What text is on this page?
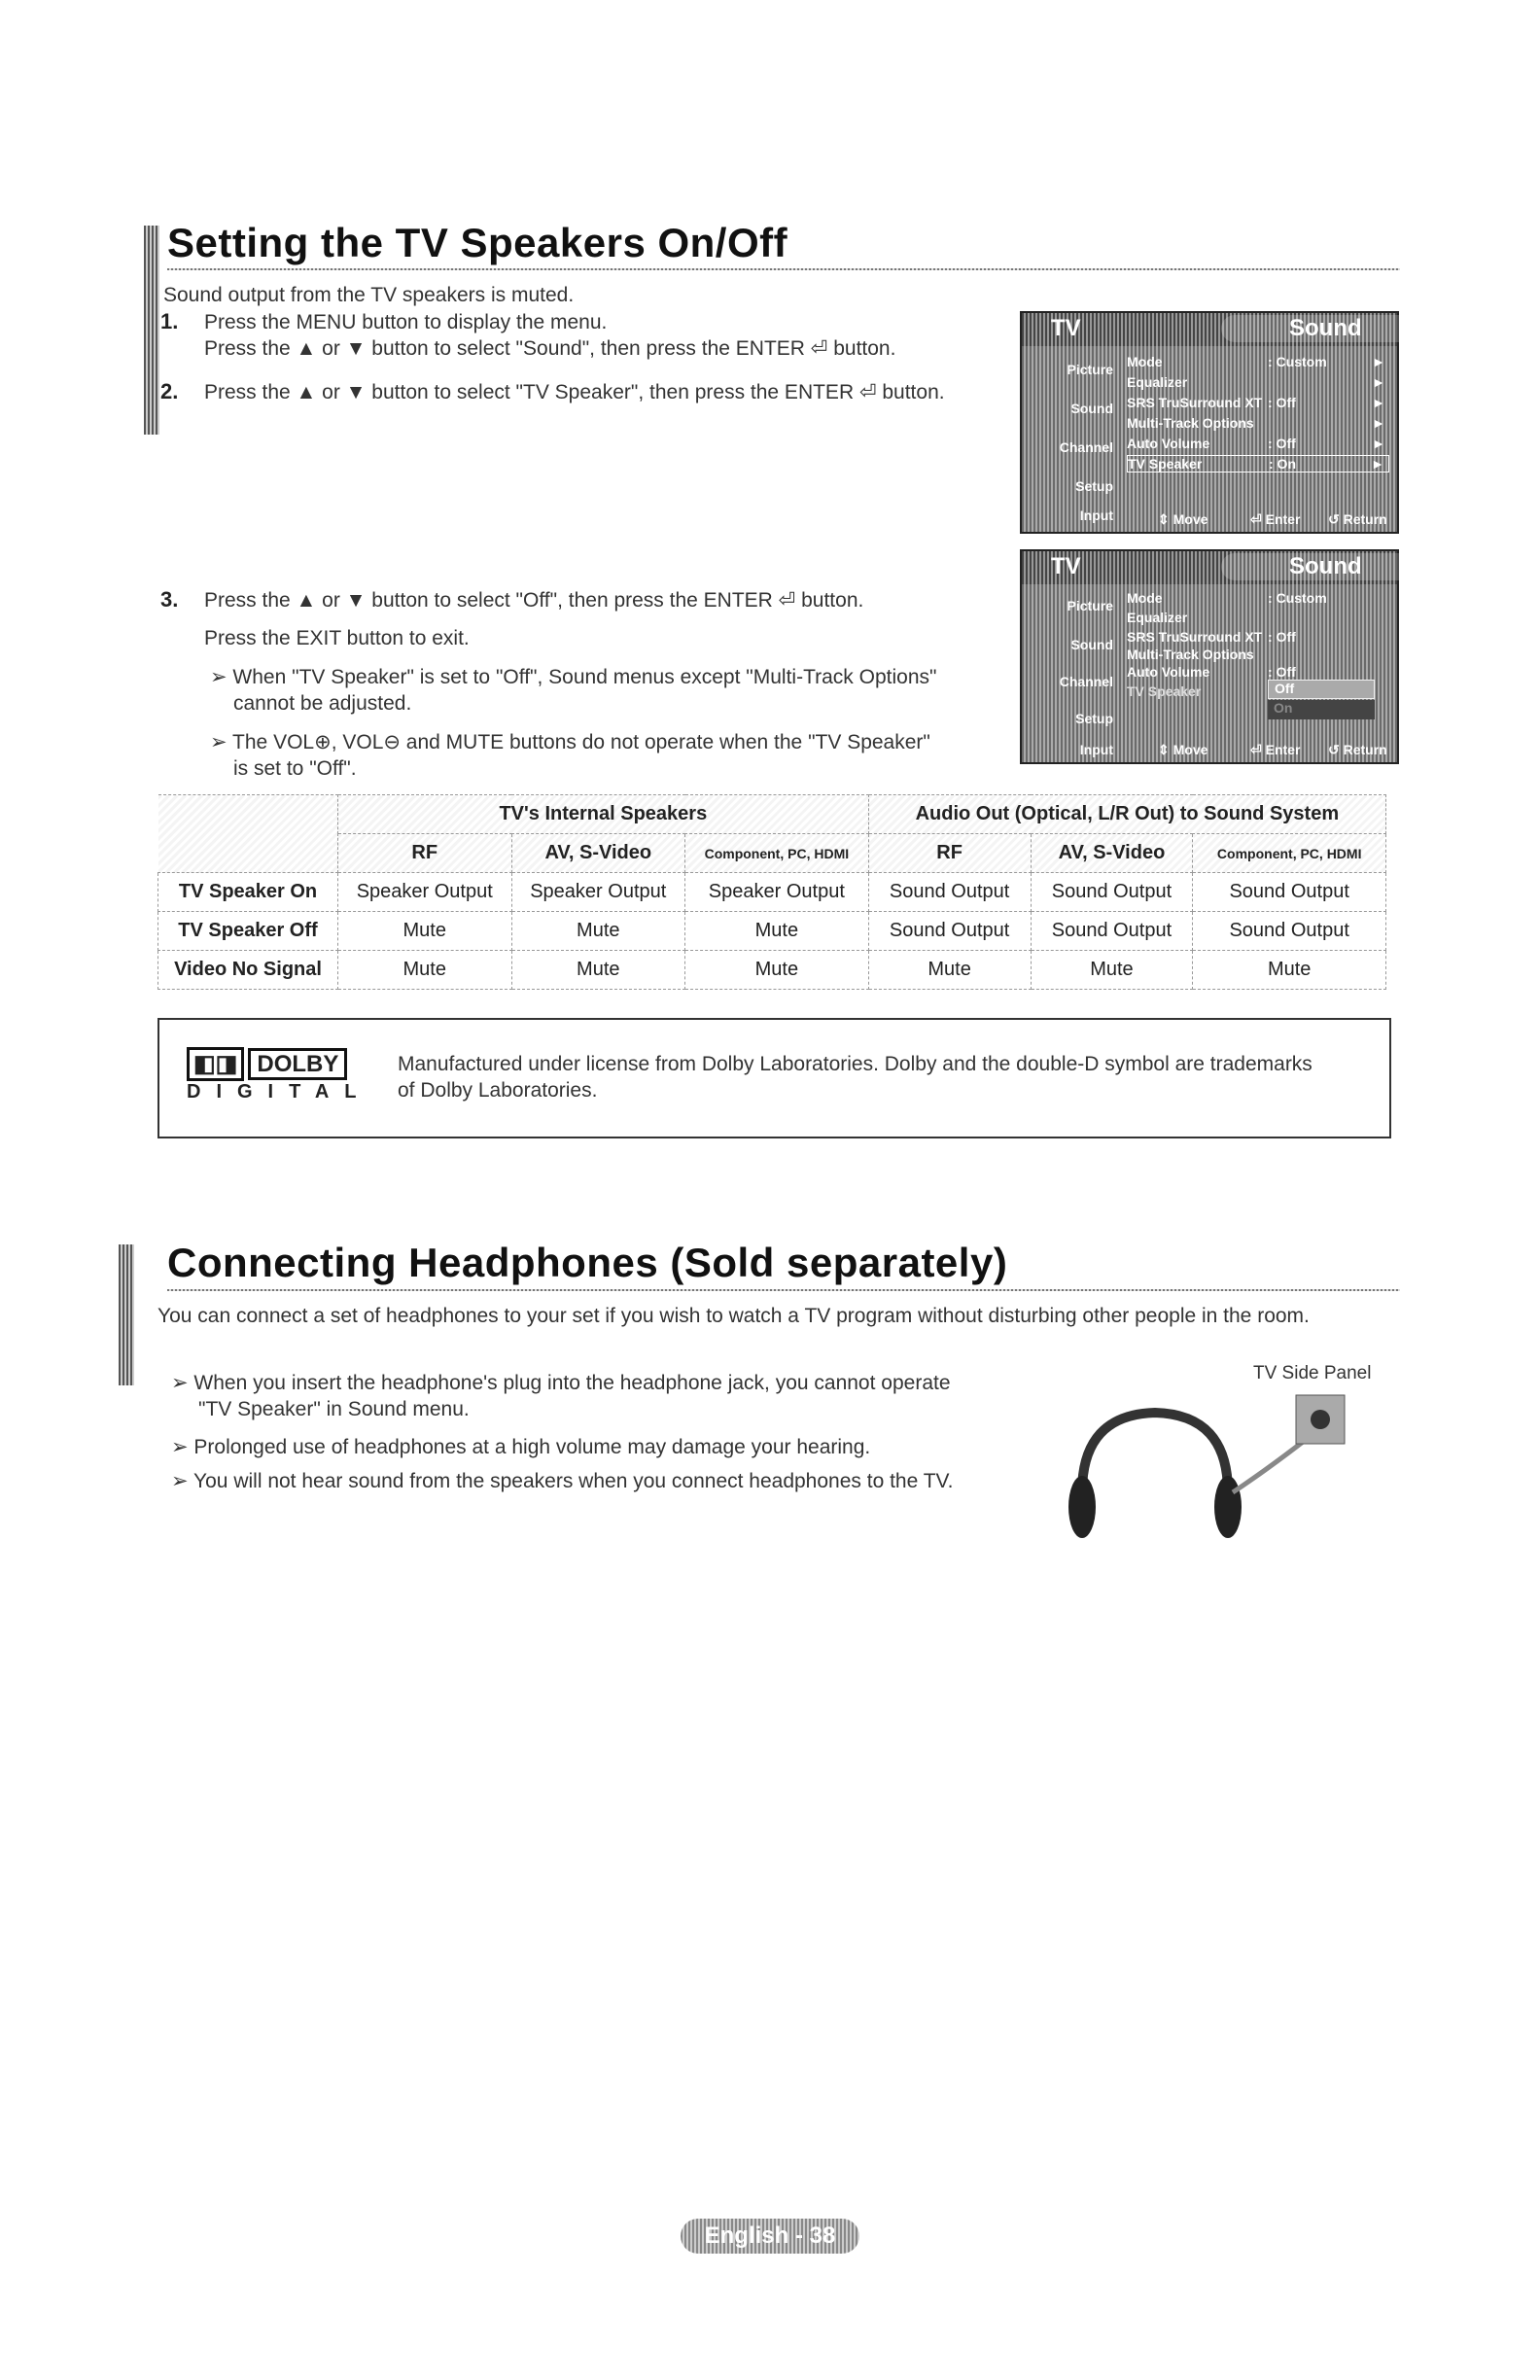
Setting the TV Speakers On/Off
Sound output from the TV speakers is muted.
1. Press the MENU button to display the menu.
Press the ▲ or ▼ button to select "Sound", then press the ENTER ⏎ button.
2. Press the ▲ or ▼ button to select "TV Speaker", then press the ENTER ⏎ button.
3. Press the ▲ or ▼ button to select "Off", then press the ENTER ⏎ button.
Press the EXIT button to exit.
➢ When "TV Speaker" is set to "Off", Sound menus except "Multi-Track Options"
cannot be adjusted.
➢ The VOL⊕, VOL⊖ and MUTE buttons do not operate when the "TV Speaker"
is set to "Off".
TV	Sound
Picture
Sound
Channel
Setup
Input
Mode	: Custom	►
Equalizer	►
SRS TruSurround XT : Off	►
Multi-Track Options	►
Auto Volume	: Off	►
TV Speaker	: On	►
⇕ Move	⏎ Enter ↺ Return
TV	Sound
Picture
Sound
Channel
Setup
Input
Mode	: Custom
Equalizer
SRS TruSurround XT : Off
Multi-Track Options
Auto Volume	: Off
TV Speaker	Off
On
⇕ Move	⏎ Enter ↺ Return
	TV's Internal Speakers			Audio Out (Optical, L/R Out) to Sound System		
	RF	AV, S-Video	Component, PC, HDMI	RF	AV, S-Video	Component, PC, HDMI
TV Speaker On	Speaker Output	Speaker Output	Speaker Output	Sound Output	Sound Output	Sound Output
TV Speaker Off	Mute	Mute	Mute	Sound Output	Sound Output	Sound Output
Video No Signal	Mute	Mute	Mute	Mute	Mute	Mute
◧◨ DOLBY
DIGITAL
Manufactured under license from Dolby Laboratories. Dolby and the double-D symbol are trademarks
of Dolby Laboratories.
Connecting Headphones (Sold separately)
You can connect a set of headphones to your set if you wish to watch a TV program without disturbing other people in the room.
➢ When you insert the headphone's plug into the headphone jack, you cannot operate
"TV Speaker" in Sound menu.
➢ Prolonged use of headphones at a high volume may damage your hearing.
➢ You will not hear sound from the speakers when you connect headphones to the TV.
TV Side Panel
English - 38
